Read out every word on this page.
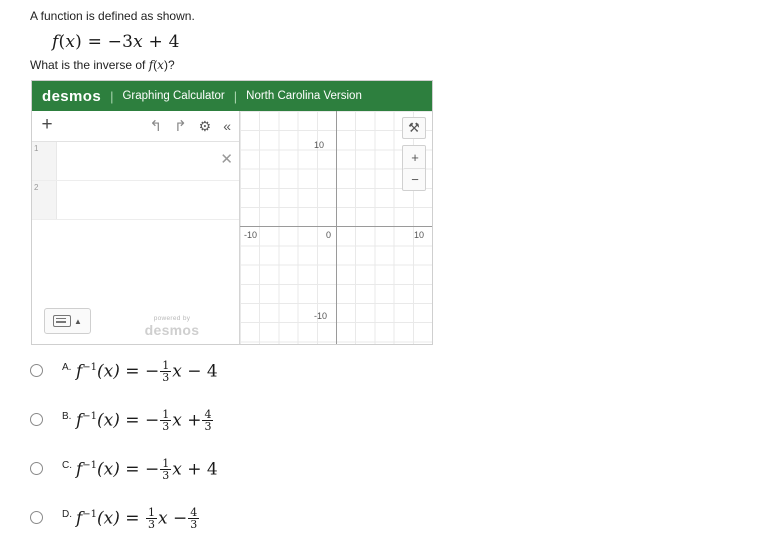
A function is defined as shown.
f(x) = −3x + 4
What is the inverse of f(x)?
desmos | Graphing Calculator | North Carolina Version
+	↰ ↱ ⚙ «
1
✕
2
▲	powered by
desmos
10
-10	0	10
-10
⚒
+
−
A. $f^{-1}(x)$ = − $\frac{1}{3}$ x − 4
B. $f^{-1}(x)$ = − $\frac{1}{3}$ $x + \frac{4}{3}$
C. $f^{-1}(x)$ = − $\frac{1}{3}$ x + 4
D. $f^{-1}(x) = \frac{1}{3}$ $x - \frac{4}{3}$
